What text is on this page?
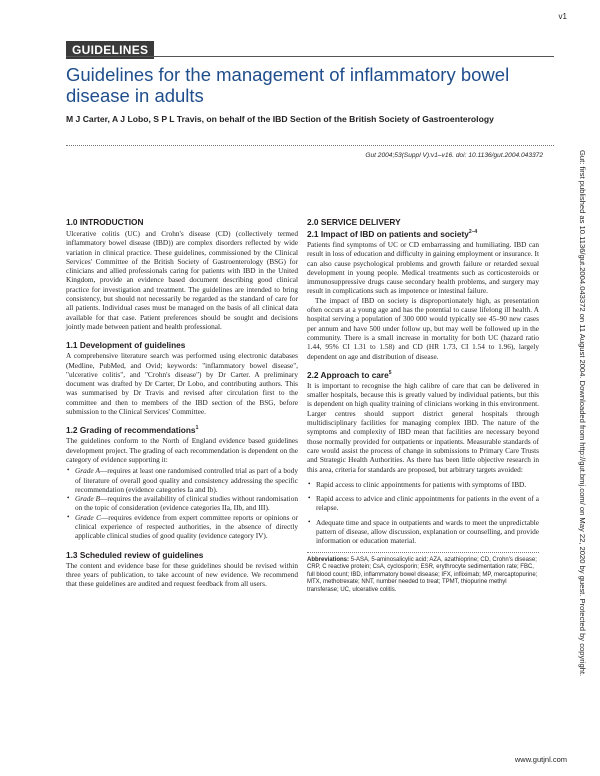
v1
GUIDELINES
Guidelines for the management of inflammatory bowel disease in adults

M J Carter, A J Lobo, S P L Travis, on behalf of the IBD Section of the British Society of Gastroenterology

Gut 2004;53(Suppl V):v1–v16. doi: 10.1136/gut.2004.043372
1.0 INTRODUCTION

Ulcerative colitis (UC) and Crohn's disease (CD) (collectively termed inflammatory bowel disease (IBD)) are complex disorders reflected by wide variation in clinical practice. These guidelines, commissioned by the Clinical Services' Committee of the British Society of Gastroenterology (BSG) for clinicians and allied professionals caring for patients with IBD in the United Kingdom, provide an evidence based document describing good clinical practice for investigation and treatment. The guidelines are intended to bring consistency, but should not necessarily be regarded as the standard of care for all patients. Individual cases must be managed on the basis of all clinical data available for that case. Patient preferences should be sought and decisions jointly made between patient and health professional.

1.1 Development of guidelines

A comprehensive literature search was performed using electronic databases (Medline, PubMed, and Ovid; keywords: "inflammatory bowel disease", "ulcerative colitis", and "Crohn's disease") by Dr Carter. A preliminary document was drafted by Dr Carter, Dr Lobo, and contributing authors. This was summarised by Dr Travis and revised after circulation first to the committee and then to members of the IBD section of the BSG, before submission to the Clinical Services' Committee.

1.2 Grading of recommendations$^1$

The guidelines conform to the North of England evidence based guidelines development project. The grading of each recommendation is dependent on the category of evidence supporting it:

• Grade A—requires at least one randomised controlled trial as part of a body of literature of overall good quality and consistency addressing the specific recommendation (evidence categories Ia and Ib).
• Grade B—requires the availability of clinical studies without randomisation on the topic of consideration (evidence categories IIa, IIb, and III).
• Grade C—requires evidence from expert committee reports or opinions or clinical experience of respected authorities, in the absence of directly applicable clinical studies of good quality (evidence category IV).
1.3 Scheduled review of guidelines

The content and evidence base for these guidelines should be revised within three years of publication, to take account of new evidence. We recommend that these guidelines are audited and request feedback from all users.

2.0 SERVICE DELIVERY
2.1 Impact of IBD on patients and society$^{2-4}$

Patients find symptoms of UC or CD embarrassing and humiliating. IBD can result in loss of education and difficulty in gaining employment or insurance. It can also cause psychological problems and growth failure or retarded sexual development in young people. Medical treatments such as corticosteroids or immunosuppressive drugs cause secondary health problems, and surgery may result in complications such as impotence or intestinal failure.

The impact of IBD on society is disproportionately high, as presentation often occurs at a young age and has the potential to cause lifelong ill health. A hospital serving a population of 300 000 would typically see 45–90 new cases per annum and have 500 under follow up, but may well be followed up in the community. There is a small increase in mortality for both UC (hazard ratio 1.44, 95% CI 1.31 to 1.58) and CD (HR 1.73, CI 1.54 to 1.96), largely dependent on age and distribution of disease.

2.2 Approach to care$^5$

It is important to recognise the high calibre of care that can be delivered in smaller hospitals, because this is greatly valued by individual patients, but this is dependent on high quality training of clinicians working in this environment. Larger centres should support district general hospitals through multidisciplinary facilities for managing complex IBD. The nature of the symptoms and complexity of IBD mean that facilities are necessary beyond those normally provided for outpatients or inpatients. Measurable standards of care would assist the process of change in submissions to Primary Care Trusts and Strategic Health Authorities. As there has been little objective research in this area, criteria for standards are proposed, but arbitrary targets avoided:

• Rapid access to clinic appointments for patients with symptoms of IBD.
• Rapid access to advice and clinic appointments for patients in the event of a relapse.
• Adequate time and space in outpatients and wards to meet the unpredictable pattern of disease, allow discussion, explanation or counselling, and provide information or education material.
Abbreviations: 5-ASA, 5-aminosalicylic acid; AZA, azathioprine; CD, Crohn's disease; CRP, C reactive protein; CsA, cyclosporin; ESR, erythrocyte sedimentation rate; FBC, full blood count; IBD, inflammatory bowel disease; IFX, infliximab; MP, mercaptopurine; MTX, methotrexate; NNT, number needed to treat; TPMT, thiopurine methyl transferase; UC, ulcerative colitis.	Gut: first published as 10.1136/gut.2004.043372 on 11 August 2004. Downloaded from http://gut.bmj.com/ on May 22, 2020 by guest. Protected by copyright.
www.gutjnl.com
